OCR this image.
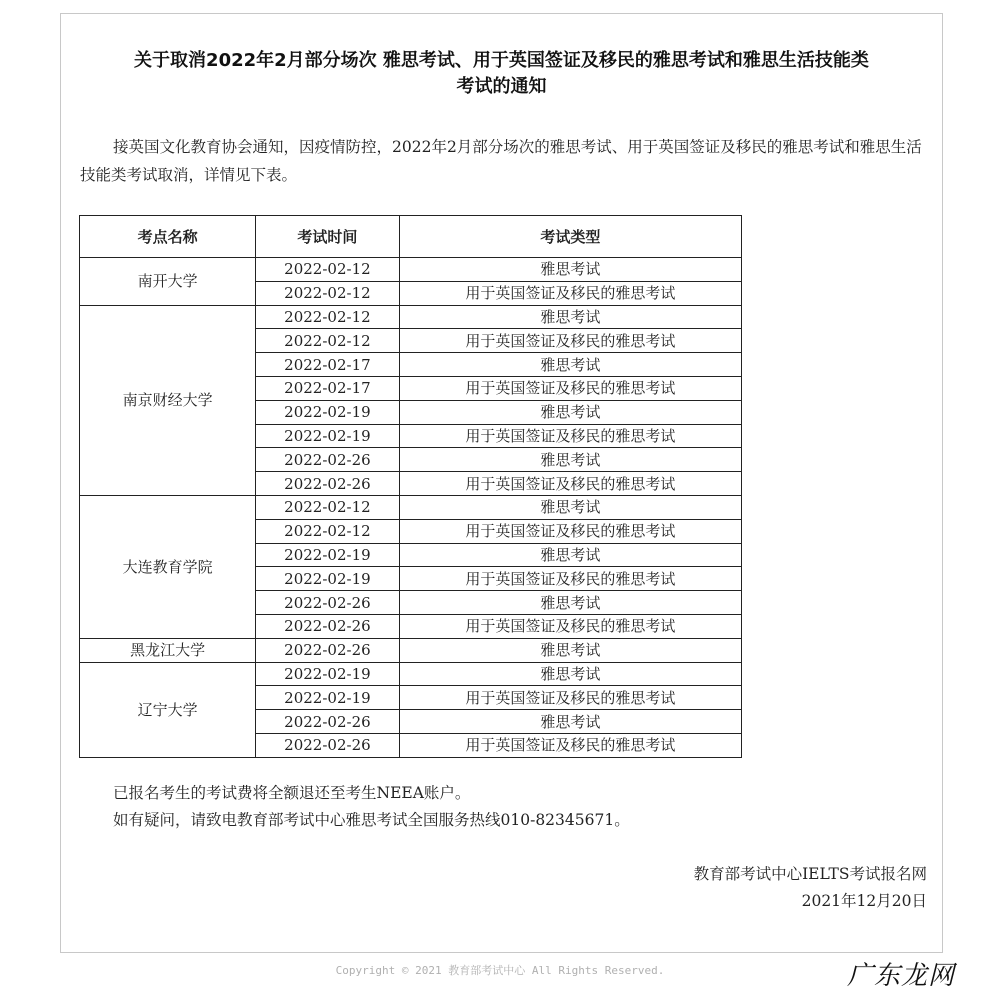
关于取消2022年2月部分场次 雅思考试、用于英国签证及移民的雅思考试和雅思生活技能类
考试的通知
接英国文化教育协会通知，因疫情防控，2022年2月部分场次的雅思考试、用于英国签证及移民的雅思考试和雅思生活技能类考试取消，详情见下表。
考点名称	考试时间	考试类型
南开大学	2022-02-12	雅思考试
	2022-02-12	用于英国签证及移民的雅思考试
南京财经大学	2022-02-12	雅思考试
	2022-02-12	用于英国签证及移民的雅思考试
	2022-02-17	雅思考试
	2022-02-17	用于英国签证及移民的雅思考试
	2022-02-19	雅思考试
	2022-02-19	用于英国签证及移民的雅思考试
	2022-02-26	雅思考试
	2022-02-26	用于英国签证及移民的雅思考试
大连教育学院	2022-02-12	雅思考试
	2022-02-12	用于英国签证及移民的雅思考试
	2022-02-19	雅思考试
	2022-02-19	用于英国签证及移民的雅思考试
	2022-02-26	雅思考试
	2022-02-26	用于英国签证及移民的雅思考试
黑龙江大学	2022-02-26	雅思考试
辽宁大学	2022-02-19	雅思考试
	2022-02-19	用于英国签证及移民的雅思考试
	2022-02-26	雅思考试
	2022-02-26	用于英国签证及移民的雅思考试
已报名考生的考试费将全额退还至考生NEEA账户。
如有疑问，请致电教育部考试中心雅思考试全国服务热线010-82345671。
教育部考试中心IELTS考试报名网
2021年12月20日
Copyright © 2021 教育部考试中心 All Rights Reserved.	广东龙网
